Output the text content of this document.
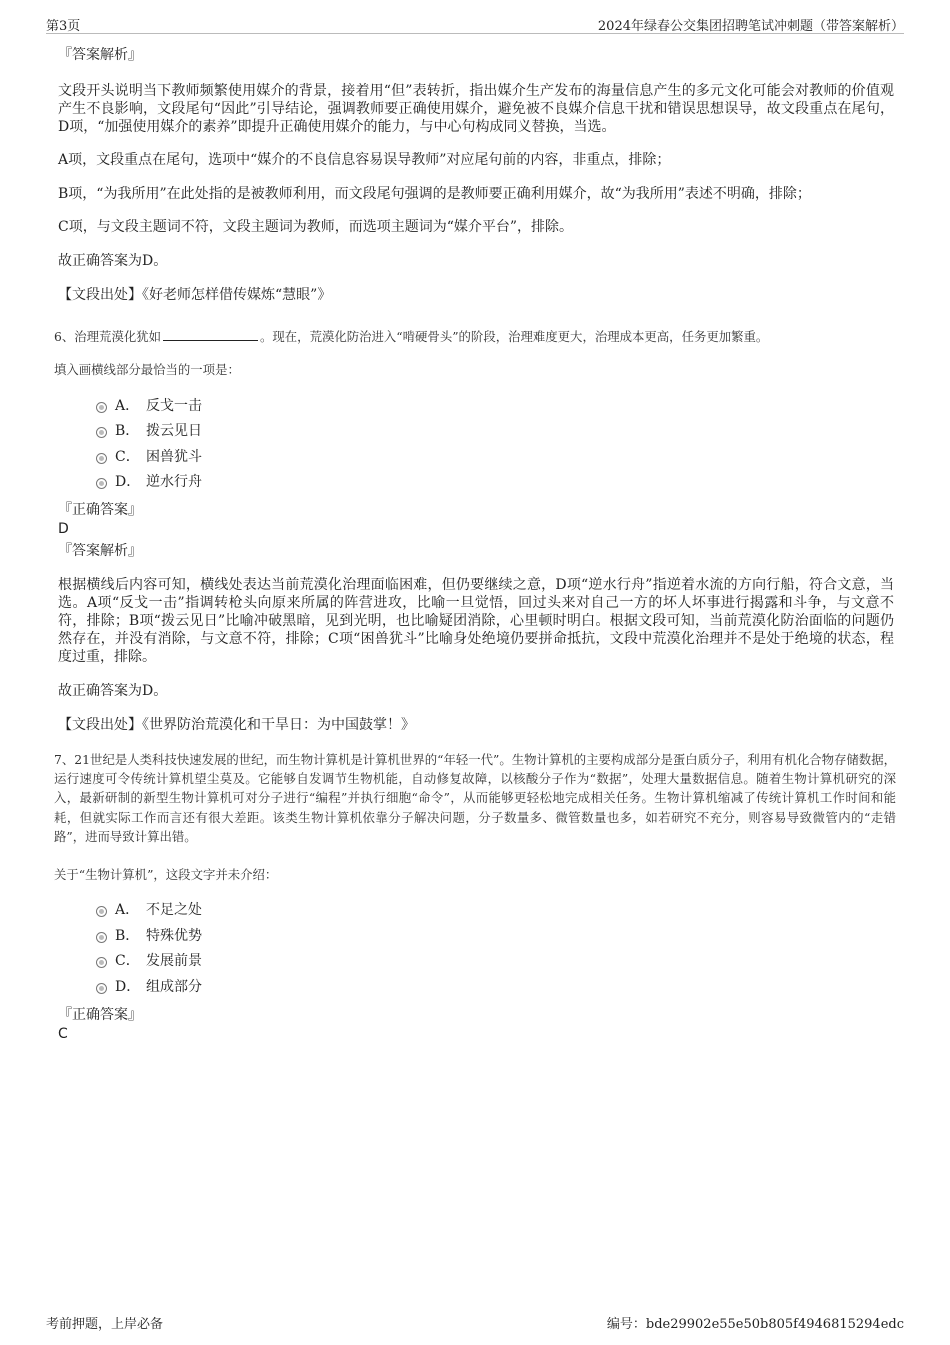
第3页	2024年绿春公交集团招聘笔试冲刺题（带答案解析）
『答案解析』
文段开头说明当下教师频繁使用媒介的背景，接着用“但”表转折，指出媒介生产发布的海量信息产生的多元文化可能会对教师的价值观产生不良影响，文段尾句“因此”引导结论，强调教师要正确使用媒介，避免被不良媒介信息干扰和错误思想误导，故文段重点在尾句，D项，“加强使用媒介的素养”即提升正确使用媒介的能力，与中心句构成同义替换，当选。
A项，文段重点在尾句，选项中“媒介的不良信息容易误导教师”对应尾句前的内容，非重点，排除；
B项，“为我所用”在此处指的是被教师利用，而文段尾句强调的是教师要正确利用媒介，故“为我所用”表述不明确，排除；
C项，与文段主题词不符，文段主题词为教师，而选项主题词为“媒介平台”，排除。
故正确答案为D。
【文段出处】《好老师怎样借传媒炼“慧眼”》
6、治理荒漠化犹如	。现在，荒漠化防治进入“啃硬骨头”的阶段，治理难度更大，治理成本更高，任务更加繁重。
填入画横线部分最恰当的一项是：
A． 反戈一击
B． 拨云见日
C． 困兽犹斗
D． 逆水行舟
『正确答案』
D
『答案解析』
根据横线后内容可知，横线处表达当前荒漠化治理面临困难，但仍要继续之意，D项“逆水行舟”指逆着水流的方向行船，符合文意，当选。A项“反戈一击”指调转枪头向原来所属的阵营进攻，比喻一旦觉悟，回过头来对自己一方的坏人坏事进行揭露和斗争，与文意不符，排除；B项“拨云见日”比喻冲破黑暗，见到光明，也比喻疑团消除，心里顿时明白。根据文段可知，当前荒漠化防治面临的问题仍然存在，并没有消除，与文意不符，排除；C项“困兽犹斗”比喻身处绝境仍要拼命抵抗，文段中荒漠化治理并不是处于绝境的状态，程度过重，排除。
故正确答案为D。
【文段出处】《世界防治荒漠化和干旱日：为中国鼓掌！》
7、21世纪是人类科技快速发展的世纪，而生物计算机是计算机世界的“年轻一代”。生物计算机的主要构成部分是蛋白质分子，利用有机化合物存储数据，运行速度可令传统计算机望尘莫及。它能够自发调节生物机能，自动修复故障，以核酸分子作为“数据”，处理大量数据信息。随着生物计算机研究的深入，最新研制的新型生物计算机可对分子进行“编程”并执行细胞“命令”，从而能够更轻松地完成相关任务。生物计算机缩减了传统计算机工作时间和能耗，但就实际工作而言还有很大差距。该类生物计算机依靠分子解决问题，分子数量多、微管数量也多，如若研究不充分，则容易导致微管内的“走错路”，进而导致计算出错。
关于“生物计算机”，这段文字并未介绍：
A． 不足之处
B． 特殊优势
C． 发展前景
D． 组成部分
『正确答案』
C
考前押题，上岸必备	编号：bde29902e55e50b805f4946815294edc
